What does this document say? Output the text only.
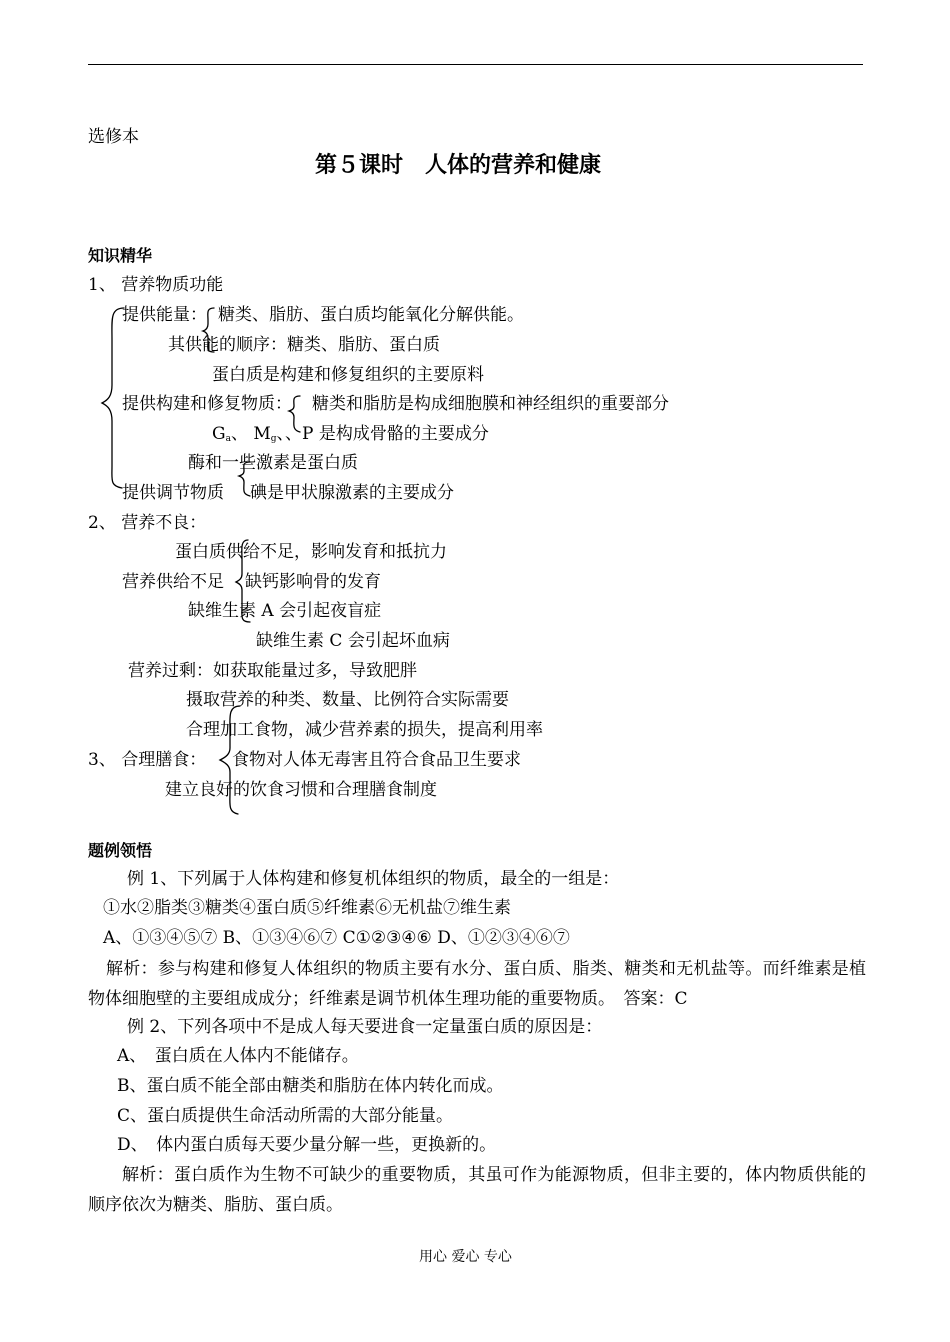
选修本
第５课时　人体的营养和健康
知识精华
1、 营养物质功能
提供能量： 糖类、脂肪、蛋白质均能氧化分解供能。
其供能的顺序：糖类、脂肪、蛋白质
蛋白质是构建和修复组织的主要原料
提供构建和修复物质： 糖类和脂肪是构成细胞膜和神经组织的重要部分
$G_a$、 $M_g$、、P 是构成骨骼的主要成分
酶和一些激素是蛋白质
提供调节物质 碘是甲状腺激素的主要成分
2、 营养不良：
蛋白质供给不足，影响发育和抵抗力
营养供给不足 缺钙影响骨的发育
缺维生素 A 会引起夜盲症
缺维生素 C 会引起坏血病
营养过剩：如获取能量过多，导致肥胖
摄取营养的种类、数量、比例符合实际需要
合理加工食物，减少营养素的损失，提高利用率
3、 合理膳食： 食物对人体无毒害且符合食品卫生要求
建立良好的饮食习惯和合理膳食制度
题例领悟
例 1、下列属于人体构建和修复机体组织的物质，最全的一组是：
①水②脂类③糖类④蛋白质⑤纤维素⑥无机盐⑦维生素
A、①③④⑤⑦ B、①③④⑥⑦ C①②③④⑥ D、①②③④⑥⑦
解析：参与构建和修复人体组织的物质主要有水分、蛋白质、脂类、糖类和无机盐等。而纤维素是植物体细胞壁的主要组成成分；纤维素是调节机体生理功能的重要物质。　答案：C
例 2、下列各项中不是成人每天要进食一定量蛋白质的原因是：
A、　蛋白质在人体内不能储存。
B、蛋白质不能全部由糖类和脂肪在体内转化而成。
C、蛋白质提供生命活动所需的大部分能量。
D、　体内蛋白质每天要少量分解一些，更换新的。
解析：蛋白质作为生物不可缺少的重要物质，其虽可作为能源物质，但非主要的，体内物质供能的顺序依次为糖类、脂肪、蛋白质。
用心 爱心 专心
